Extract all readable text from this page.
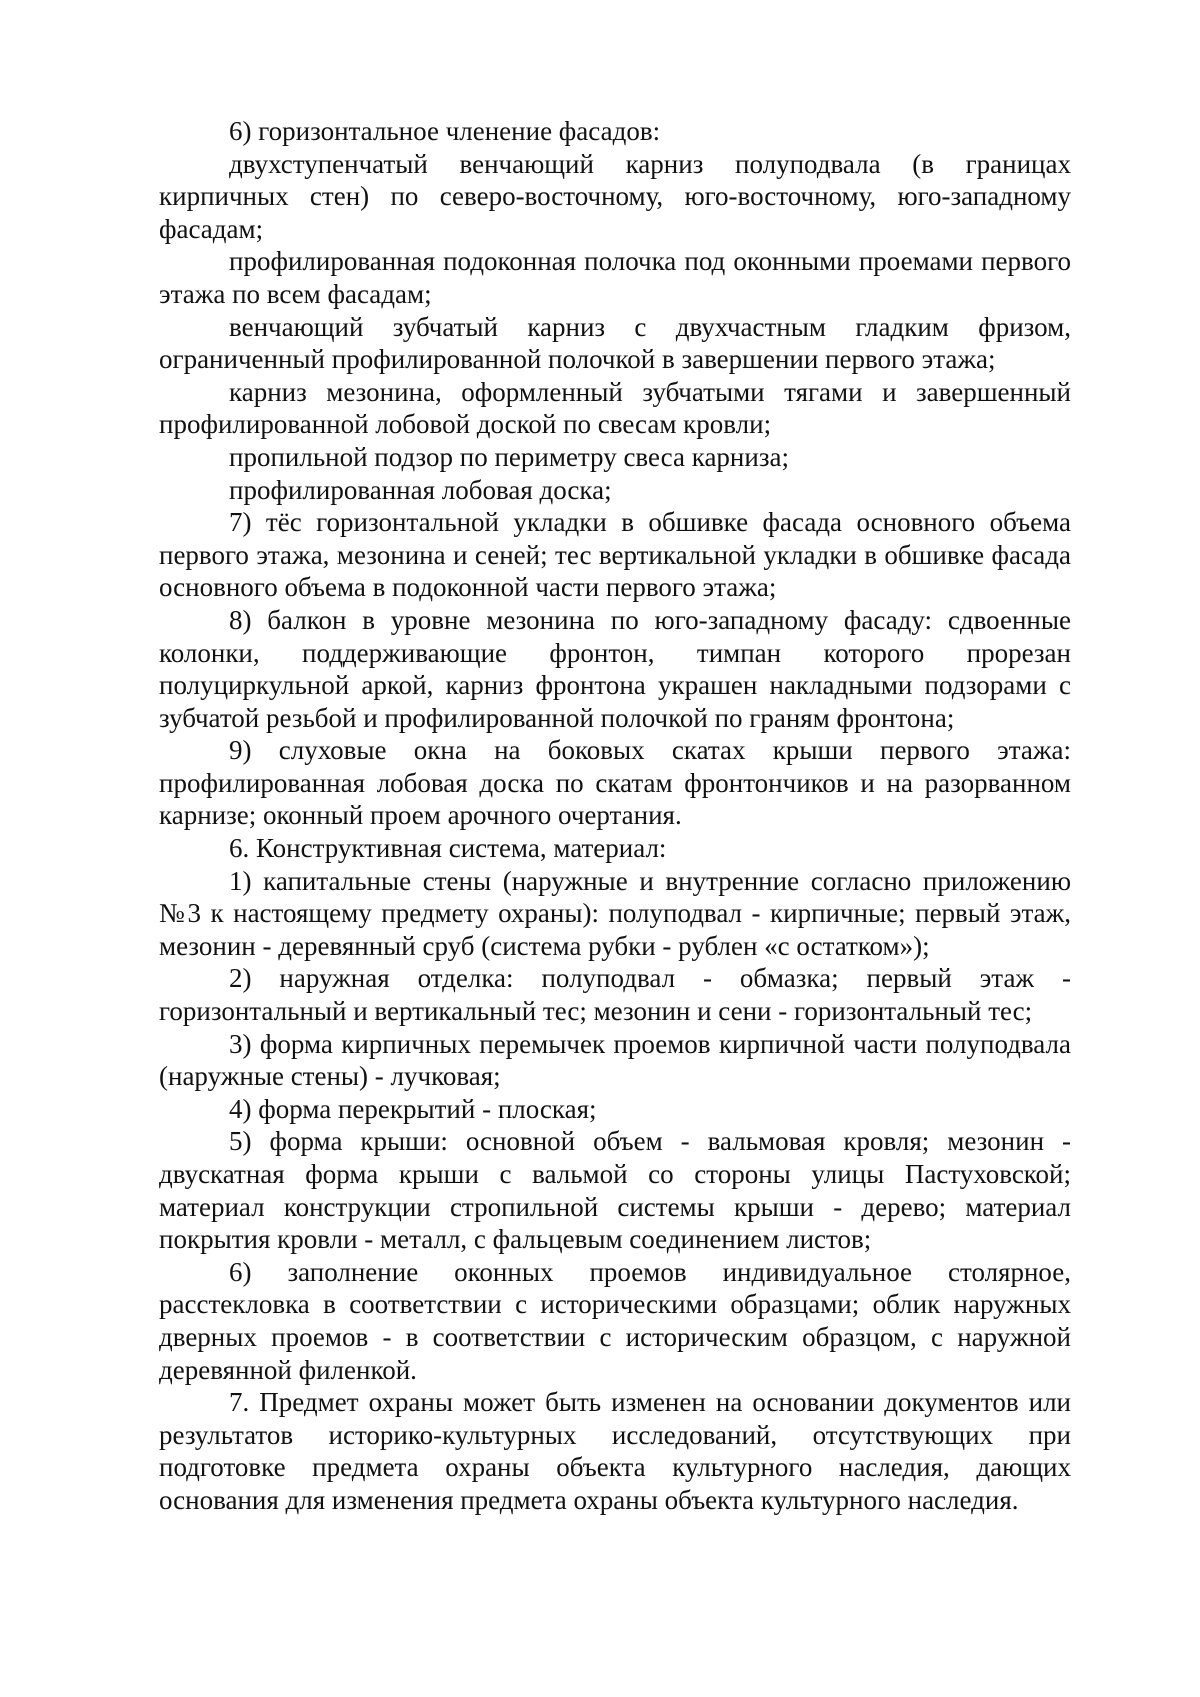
6) горизонтальное членение фасадов:

двухступенчатый венчающий карниз полуподвала (в границах кирпичных стен) по северо-восточному, юго-восточному, юго-западному фасадам;

профилированная подоконная полочка под оконными проемами первого этажа по всем фасадам;

венчающий зубчатый карниз с двухчастным гладким фризом, ограниченный профилированной полочкой в завершении первого этажа;

карниз мезонина, оформленный зубчатыми тягами и завершенный профилированной лобовой доской по свесам кровли;

пропильной подзор по периметру свеса карниза;

профилированная лобовая доска;

7) тёс горизонтальной укладки в обшивке фасада основного объема первого этажа, мезонина и сеней; тес вертикальной укладки в обшивке фасада основного объема в подоконной части первого этажа;

8) балкон в уровне мезонина по юго-западному фасаду: сдвоенные колонки, поддерживающие фронтон, тимпан которого прорезан полуциркульной аркой, карниз фронтона украшен накладными подзорами с зубчатой резьбой и профилированной полочкой по граням фронтона;

9) слуховые окна на боковых скатах крыши первого этажа: профилированная лобовая доска по скатам фронтончиков и на разорванном карнизе; оконный проем арочного очертания.

6. Конструктивная система, материал:

1) капитальные стены (наружные и внутренние согласно приложению №3 к настоящему предмету охраны): полуподвал - кирпичные; первый этаж, мезонин - деревянный сруб (система рубки - рублен «с остатком»);

2) наружная отделка: полуподвал - обмазка; первый этаж - горизонтальный и вертикальный тес; мезонин и сени - горизонтальный тес;

3) форма кирпичных перемычек проемов кирпичной части полуподвала (наружные стены) - лучковая;

4) форма перекрытий - плоская;

5) форма крыши: основной объем - вальмовая кровля; мезонин - двускатная форма крыши с вальмой со стороны улицы Пастуховской; материал конструкции стропильной системы крыши - дерево; материал покрытия кровли - металл, с фальцевым соединением листов;

6) заполнение оконных проемов индивидуальное столярное, расстекловка в соответствии с историческими образцами; облик наружных дверных проемов - в соответствии с историческим образцом, с наружной деревянной филенкой.

7. Предмет охраны может быть изменен на основании документов или результатов историко-культурных исследований, отсутствующих при подготовке предмета охраны объекта культурного наследия, дающих основания для изменения предмета охраны объекта культурного наследия.
